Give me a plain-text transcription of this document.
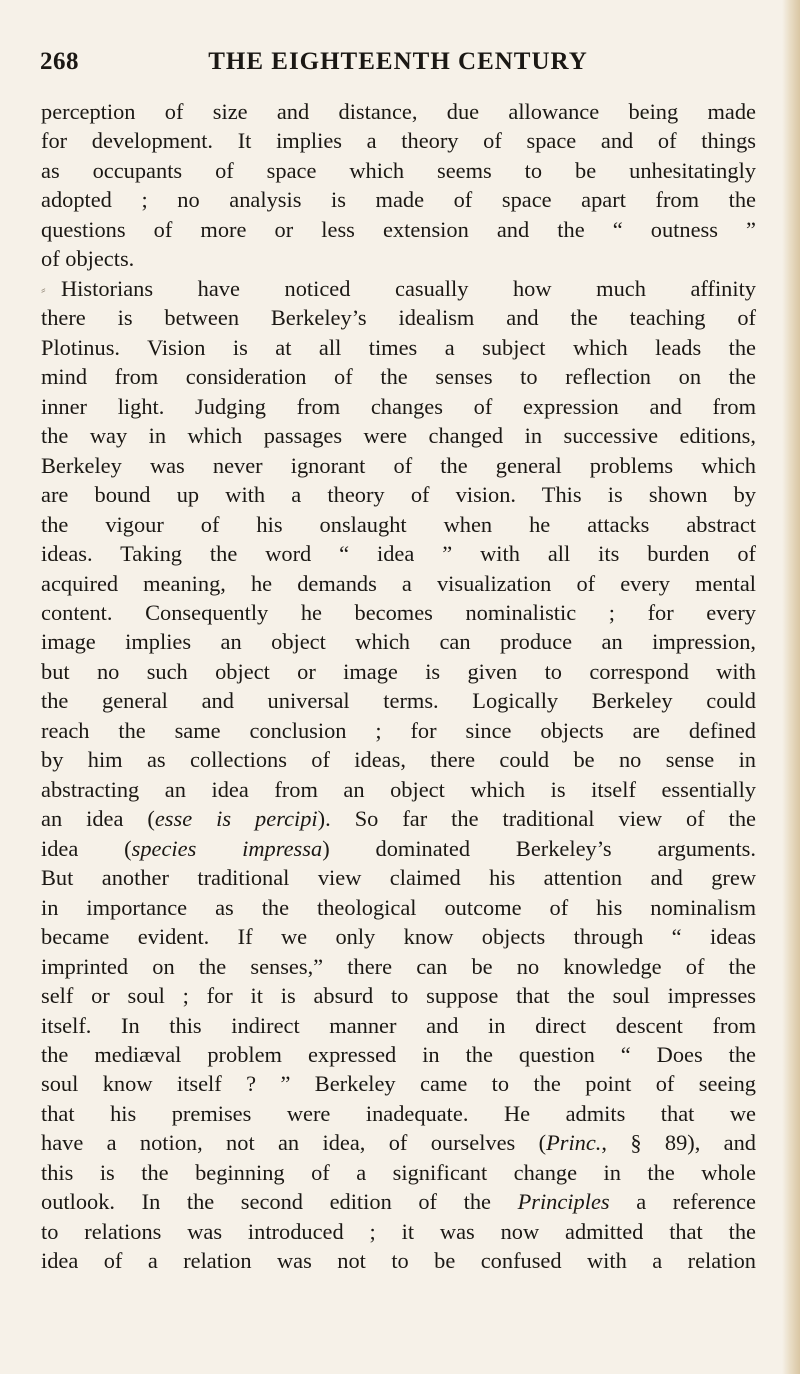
268	THE EIGHTEENTH CENTURY
perception of size and distance, due allowance being made
for development. It implies a theory of space and of things
as occupants of space which seems to be unhesitatingly
adopted ; no analysis is made of space apart from the
questions of more or less extension and the “ outness ”
of objects.
⸗ Historians have noticed casually how much affinity
there is between Berkeley’s idealism and the teaching of
Plotinus. Vision is at all times a subject which leads the
mind from consideration of the senses to reflection on the
inner light. Judging from changes of expression and from
the way in which passages were changed in successive editions,
Berkeley was never ignorant of the general problems which
are bound up with a theory of vision. This is shown by
the vigour of his onslaught when he attacks abstract
ideas. Taking the word “ idea ” with all its burden of
acquired meaning, he demands a visualization of every mental
content. Consequently he becomes nominalistic ; for every
image implies an object which can produce an impression,
but no such object or image is given to correspond with
the general and universal terms. Logically Berkeley could
reach the same conclusion ; for since objects are defined
by him as collections of ideas, there could be no sense in
abstracting an idea from an object which is itself essentially
an idea (esse is percipi). So far the traditional view of the
idea (species impressa) dominated Berkeley’s arguments.
But another traditional view claimed his attention and grew
in importance as the theological outcome of his nominalism
became evident. If we only know objects through “ ideas
imprinted on the senses,” there can be no knowledge of the
self or soul ; for it is absurd to suppose that the soul impresses
itself. In this indirect manner and in direct descent from
the mediæval problem expressed in the question “ Does the
soul know itself ? ” Berkeley came to the point of seeing
that his premises were inadequate. He admits that we
have a notion, not an idea, of ourselves (Princ., § 89), and
this is the beginning of a significant change in the whole
outlook. In the second edition of the Principles a reference
to relations was introduced ; it was now admitted that the
idea of a relation was not to be confused with a relation
